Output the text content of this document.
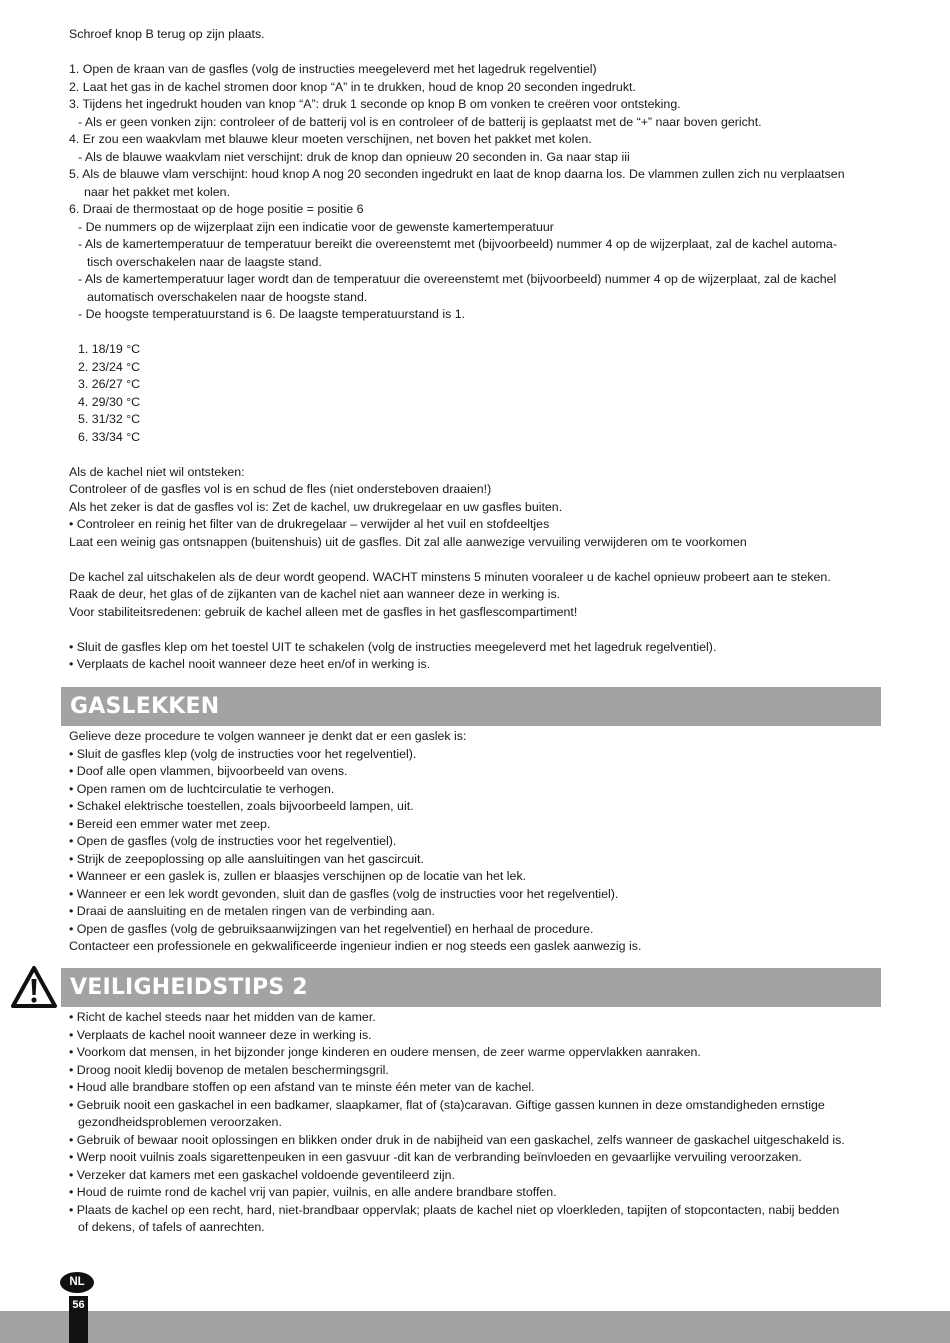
Schroef knop B terug op zijn plaats.
1. Open de kraan van de gasfles (volg de instructies meegeleverd met het lagedruk regelventiel)
2. Laat het gas in de kachel stromen door knop “A” in te drukken, houd de knop 20 seconden ingedrukt.
3. Tijdens het ingedrukt houden van knop “A”: druk 1 seconde op knop B om vonken te creëren voor ontsteking.
- Als er geen vonken zijn: controleer of de batterij vol is en controleer of de batterij is geplaatst met de “+” naar boven gericht.
4. Er zou een waakvlam met blauwe kleur moeten verschijnen, net boven het pakket met kolen.
- Als de blauwe waakvlam niet verschijnt: druk de knop dan opnieuw 20 seconden in. Ga naar stap iii
5. Als de blauwe vlam verschijnt: houd knop A nog 20 seconden ingedrukt en laat de knop daarna los. De vlammen zullen zich nu verplaatsen
naar het pakket met kolen.
6. Draai de thermostaat op de hoge positie = positie 6
- De nummers op de wijzerplaat zijn een indicatie voor de gewenste kamertemperatuur
- Als de kamertemperatuur de temperatuur bereikt die overeenstemt met (bijvoorbeeld) nummer 4 op de wijzerplaat, zal de kachel automa-
tisch overschakelen naar de laagste stand.
- Als de kamertemperatuur lager wordt dan de temperatuur die overeenstemt met (bijvoorbeeld) nummer 4 op de wijzerplaat, zal de kachel
automatisch overschakelen naar de hoogste stand.
- De hoogste temperatuurstand is 6. De laagste temperatuurstand is 1.
1. 18/19 °C
2. 23/24 °C
3. 26/27 °C
4. 29/30 °C
5. 31/32 °C
6. 33/34 °C
Als de kachel niet wil ontsteken:
Controleer of de gasfles vol is en schud de fles (niet ondersteboven draaien!)
Als het zeker is dat de gasfles vol is: Zet de kachel, uw drukregelaar en uw gasfles buiten.
• Controleer en reinig het filter van de drukregelaar – verwijder al het vuil en stofdeeltjes
Laat een weinig gas ontsnappen (buitenshuis) uit de gasfles. Dit zal alle aanwezige vervuiling verwijderen om te voorkomen
De kachel zal uitschakelen als de deur wordt geopend. WACHT minstens 5 minuten vooraleer u de kachel opnieuw probeert aan te steken.
Raak de deur, het glas of de zijkanten van de kachel niet aan wanneer deze in werking is.
Voor stabiliteitsredenen: gebruik de kachel alleen met de gasfles in het gasflescompartiment!
• Sluit de gasfles klep om het toestel UIT te schakelen (volg de instructies meegeleverd met het lagedruk regelventiel).
• Verplaats de kachel nooit wanneer deze heet en/of in werking is.
GASLEKKEN
Gelieve deze procedure te volgen wanneer je denkt dat er een gaslek is:
• Sluit de gasfles klep (volg de instructies voor het regelventiel).
• Doof alle open vlammen, bijvoorbeeld van ovens.
• Open ramen om de luchtcirculatie te verhogen.
• Schakel elektrische toestellen, zoals bijvoorbeeld lampen, uit.
• Bereid een emmer water met zeep.
• Open de gasfles (volg de instructies voor het regelventiel).
• Strijk de zeepoplossing op alle aansluitingen van het gascircuit.
• Wanneer er een gaslek is, zullen er blaasjes verschijnen op de locatie van het lek.
• Wanneer er een lek wordt gevonden, sluit dan de gasfles (volg de instructies voor het regelventiel).
• Draai de aansluiting en de metalen ringen van de verbinding aan.
• Open de gasfles (volg de gebruiksaanwijzingen van het regelventiel) en herhaal de procedure.
Contacteer een professionele en gekwalificeerde ingenieur indien er nog steeds een gaslek aanwezig is.
VEILIGHEIDSTIPS 2
• Richt de kachel steeds naar het midden van de kamer.
• Verplaats de kachel nooit wanneer deze in werking is.
• Voorkom dat mensen, in het bijzonder jonge kinderen en oudere mensen, de zeer warme oppervlakken aanraken.
• Droog nooit kledij bovenop de metalen beschermingsgril.
• Houd alle brandbare stoffen op een afstand van te minste één meter van de kachel.
• Gebruik nooit een gaskachel in een badkamer, slaapkamer, flat of (sta)caravan. Giftige gassen kunnen in deze omstandigheden ernstige
gezondheidsproblemen veroorzaken.
• Gebruik of bewaar nooit oplossingen en blikken onder druk in de nabijheid van een gaskachel, zelfs wanneer de gaskachel uitgeschakeld is.
• Werp nooit vuilnis zoals sigarettenpeuken in een gasvuur -dit kan de verbranding beïnvloeden en gevaarlijke vervuiling veroorzaken.
• Verzeker dat kamers met een gaskachel voldoende geventileerd zijn.
• Houd de ruimte rond de kachel vrij van papier, vuilnis, en alle andere brandbare stoffen.
• Plaats de kachel op een recht, hard, niet-brandbaar oppervlak; plaats de kachel niet op vloerkleden, tapijten of stopcontacten, nabij bedden
of dekens, of tafels of aanrechten.
56
NL
